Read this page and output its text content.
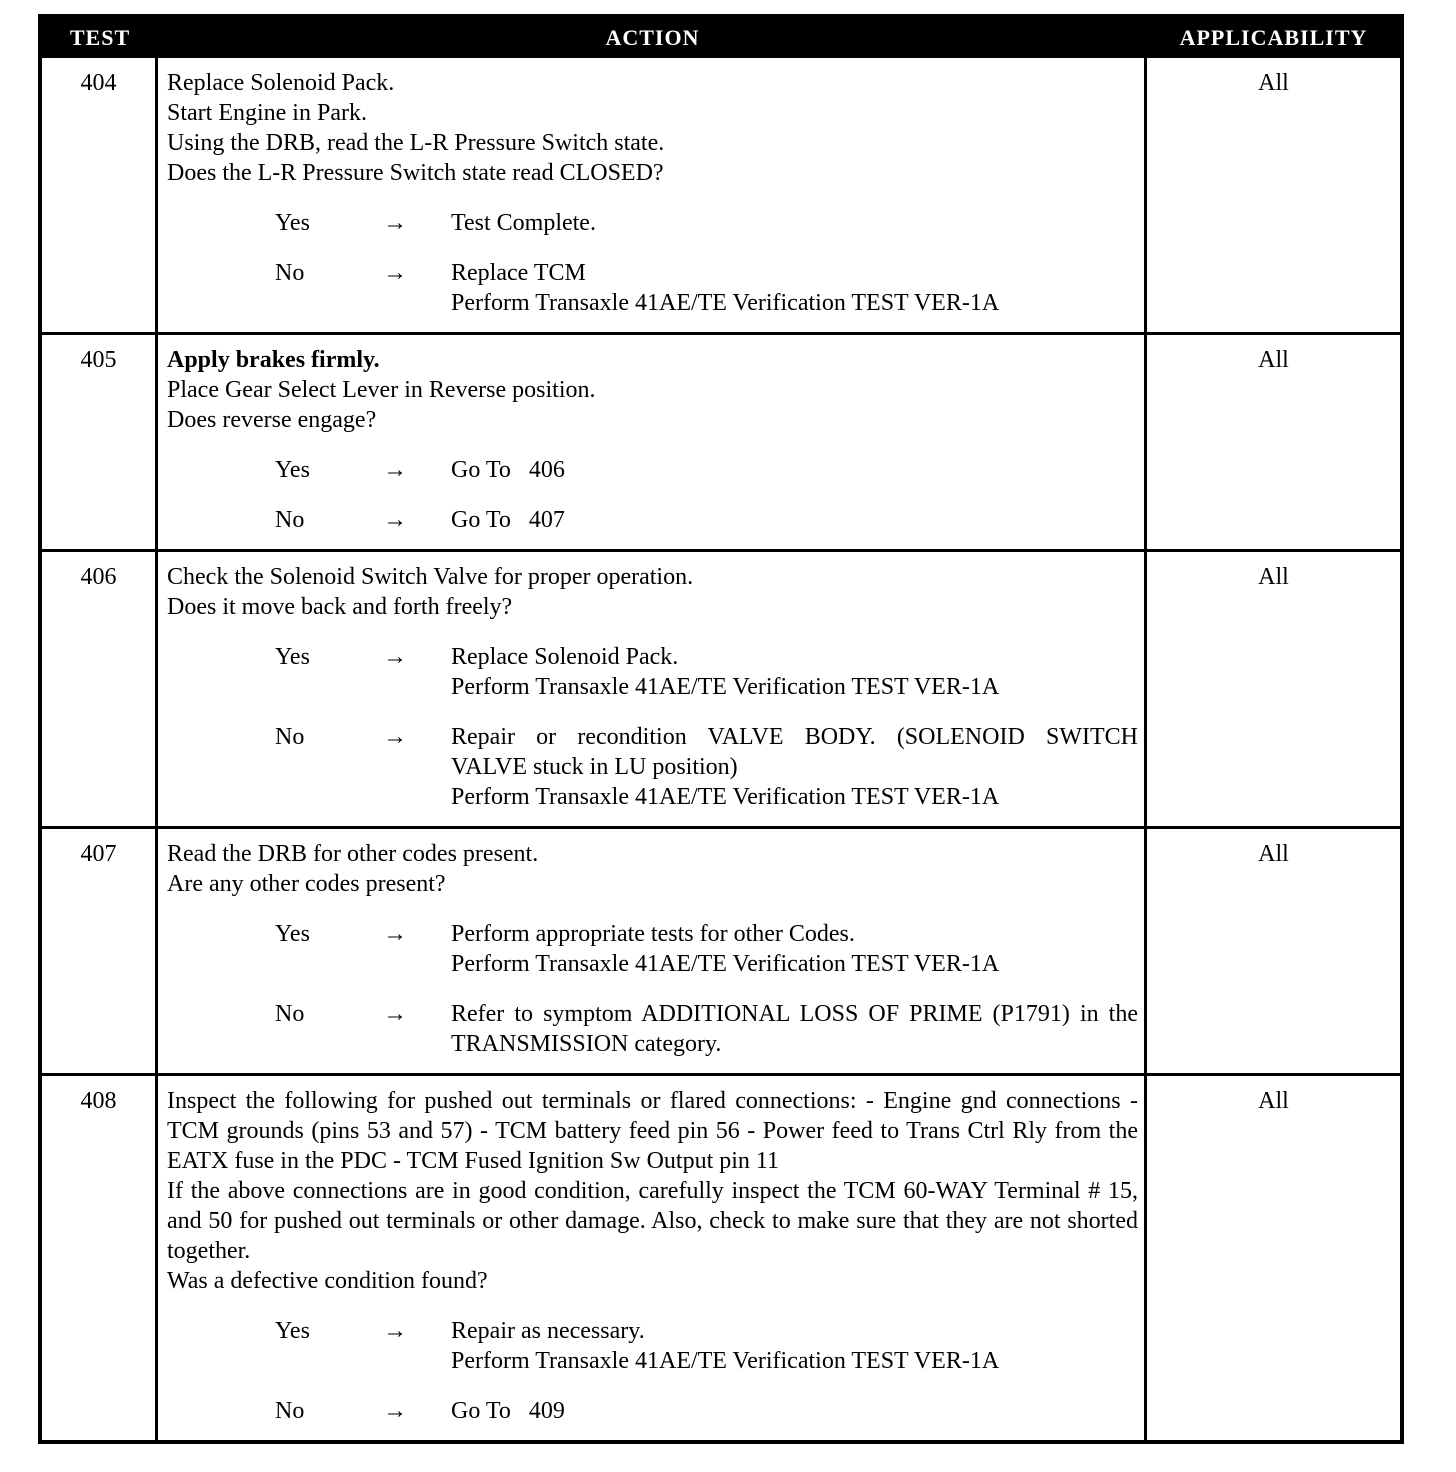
TEST	ACTION	APPLICABILITY
404	Replace Solenoid Pack.
Start Engine in Park.
Using the DRB, read the L-R Pressure Switch state.
Does the L-R Pressure Switch state read CLOSED?
Yes	→	Test Complete.
No	→	Replace TCM
Perform Transaxle 41AE/TE Verification TEST VER-1A
All
405	Apply brakes firmly.
Place Gear Select Lever in Reverse position.
Does reverse engage?
Yes	→	Go To   406
No	→	Go To   407
All
406	Check the Solenoid Switch Valve for proper operation.
Does it move back and forth freely?
Yes	→	Replace Solenoid Pack.
Perform Transaxle 41AE/TE Verification TEST VER-1A
No	→	Repair or recondition VALVE BODY. (SOLENOID SWITCH
VALVE stuck in LU position)
Perform Transaxle 41AE/TE Verification TEST VER-1A
All
407	Read the DRB for other codes present.
Are any other codes present?
Yes	→	Perform appropriate tests for other Codes.
Perform Transaxle 41AE/TE Verification TEST VER-1A
No	→	Refer to symptom ADDITIONAL LOSS OF PRIME (P1791) in the
TRANSMISSION category.
All
408	Inspect the following for pushed out terminals or flared connections: - Engine gnd connections - TCM grounds (pins 53 and 57) - TCM battery feed pin 56 - Power feed to Trans Ctrl Rly from the EATX fuse in the PDC - TCM Fused Ignition Sw Output pin 11
If the above connections are in good condition, carefully inspect the TCM 60-WAY Terminal # 15, and 50 for pushed out terminals or other damage. Also, check to make sure that they are not shorted together.
Was a defective condition found?
Yes	→	Repair as necessary.
Perform Transaxle 41AE/TE Verification TEST VER-1A
No	→	Go To   409
All
